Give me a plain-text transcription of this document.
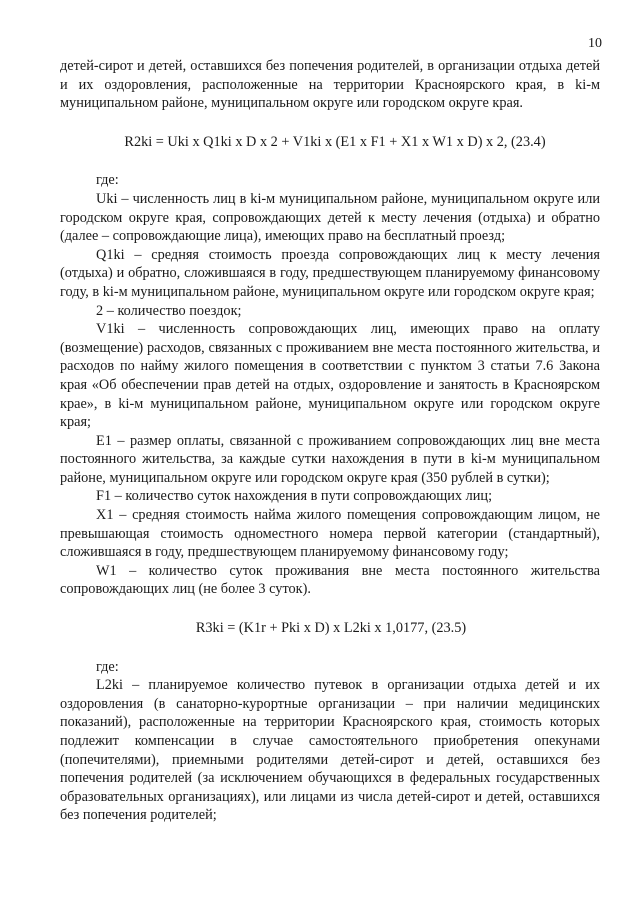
10

детей-сирот и детей, оставшихся без попечения родителей, в организации отдыха детей и их оздоровления, расположенные на территории Красноярского края, в ki-м муниципальном районе, муниципальном округе или городском округе края.

R2ki = Uki x Q1ki x D x 2 + V1ki x (E1 x F1 + X1 x W1 x D) x 2, (23.4)

где:

Uki – численность лиц в ki-м муниципальном районе, муниципальном округе или городском округе края, сопровождающих детей к месту лечения (отдыха) и обратно (далее – сопровождающие лица), имеющих право на бесплатный проезд;

Q1ki – средняя стоимость проезда сопровождающих лиц к месту лечения (отдыха) и обратно, сложившаяся в году, предшествующем планируемому финансовому году, в ki-м муниципальном районе, муниципальном округе или городском округе края;

2 – количество поездок;

V1ki – численность сопровождающих лиц, имеющих право на оплату (возмещение) расходов, связанных с проживанием вне места постоянного жительства, и расходов по найму жилого помещения в соответствии с пунктом 3 статьи 7.6 Закона края «Об обеспечении прав детей на отдых, оздоровление и занятость в Красноярском крае», в ki-м муниципальном районе, муниципальном округе или городском округе края;

E1 – размер оплаты, связанной с проживанием сопровождающих лиц вне места постоянного жительства, за каждые сутки нахождения в пути в ki-м муниципальном районе, муниципальном округе или городском округе края (350 рублей в сутки);

F1 – количество суток нахождения в пути сопровождающих лиц;

X1 – средняя стоимость найма жилого помещения сопровождающим лицом, не превышающая стоимость одноместного номера первой категории (стандартный), сложившаяся в году, предшествующем планируемому финансовому году;

W1 – количество суток проживания вне места постоянного жительства сопровождающих лиц (не более 3 суток).

R3ki = (K1r + Pki x D) x L2ki x 1,0177, (23.5)

где:

L2ki – планируемое количество путевок в организации отдыха детей и их оздоровления (в санаторно-курортные организации – при наличии медицинских показаний), расположенные на территории Красноярского края, стоимость которых подлежит компенсации в случае самостоятельного приобретения опекунами (попечителями), приемными родителями детей-сирот и детей, оставшихся без попечения родителей (за исключением обучающихся в федеральных государственных образовательных организациях), или лицами из числа детей-сирот и детей, оставшихся без попечения родителей;
